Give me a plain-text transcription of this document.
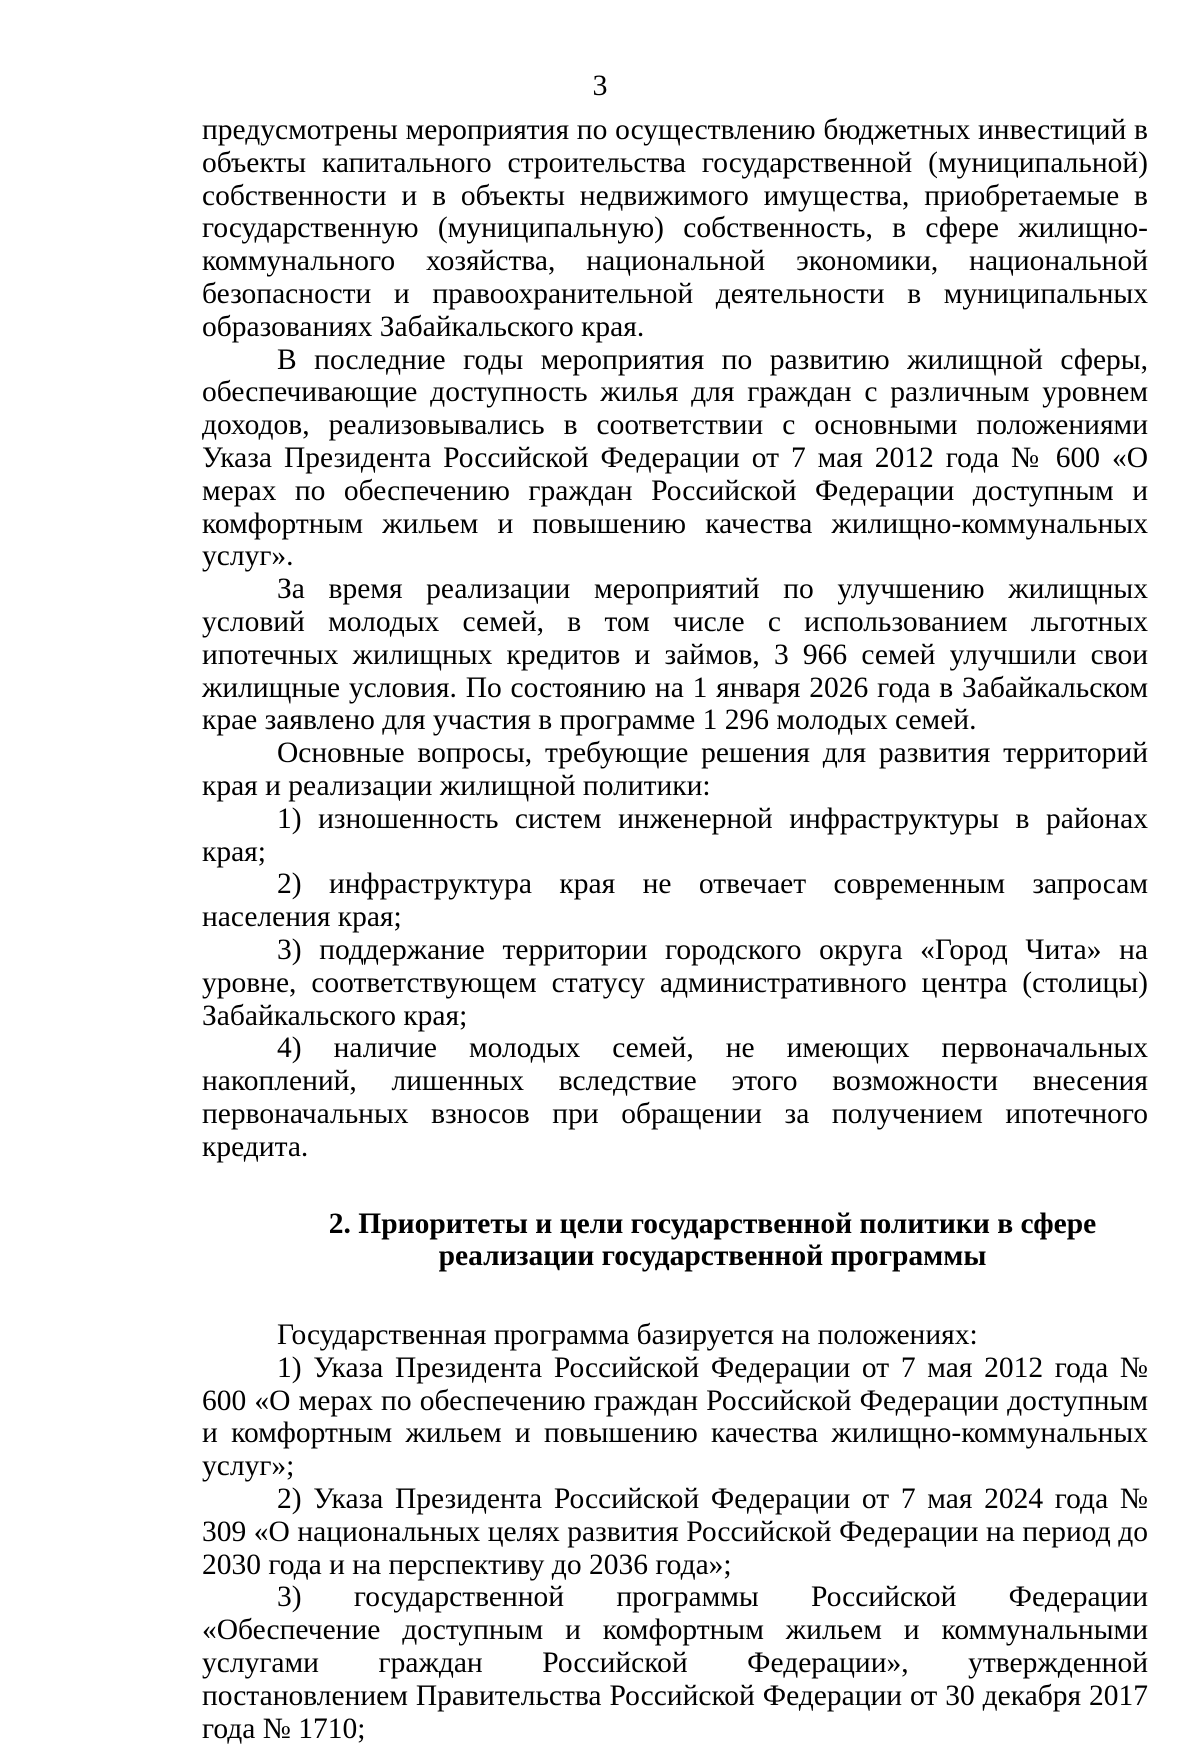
3

предусмотрены мероприятия по осуществлению бюджетных инвестиций в объекты капитального строительства государственной (муниципальной) собственности и в объекты недвижимого имущества, приобретаемые в государственную (муниципальную) собственность, в сфере жилищно-коммунального хозяйства, национальной экономики, национальной безопасности и правоохранительной деятельности в муниципальных образованиях Забайкальского края.

В последние годы мероприятия по развитию жилищной сферы, обеспечивающие доступность жилья для граждан с различным уровнем доходов, реализовывались в соответствии с основными положениями Указа Президента Российской Федерации от 7 мая 2012 года № 600 «О мерах по обеспечению граждан Российской Федерации доступным и комфортным жильем и повышению качества жилищно-коммунальных услуг».

За время реализации мероприятий по улучшению жилищных условий молодых семей, в том числе с использованием льготных ипотечных жилищных кредитов и займов, 3 966 семей улучшили свои жилищные условия. По состоянию на 1 января 2026 года в Забайкальском крае заявлено для участия в программе 1 296 молодых семей.

Основные вопросы, требующие решения для развития территорий края и реализации жилищной политики:

1) изношенность систем инженерной инфраструктуры в районах края;

2) инфраструктура края не отвечает современным запросам населения края;

3) поддержание территории городского округа «Город Чита» на уровне, соответствующем статусу административного центра (столицы) Забайкальского края;

4) наличие молодых семей, не имеющих первоначальных накоплений, лишенных вследствие этого возможности внесения первоначальных взносов при обращении за получением ипотечного кредита.

2. Приоритеты и цели государственной политики в сфере
реализации государственной программы

Государственная программа базируется на положениях:

1) Указа Президента Российской Федерации от 7 мая 2012 года № 600 «О мерах по обеспечению граждан Российской Федерации доступным и комфортным жильем и повышению качества жилищно-коммунальных услуг»;

2) Указа Президента Российской Федерации от 7 мая 2024 года № 309 «О национальных целях развития Российской Федерации на период до 2030 года и на перспективу до 2036 года»;

3) государственной программы Российской Федерации «Обеспечение доступным и комфортным жильем и коммунальными услугами граждан Российской Федерации», утвержденной постановлением Правительства Российской Федерации от 30 декабря 2017 года № 1710;
